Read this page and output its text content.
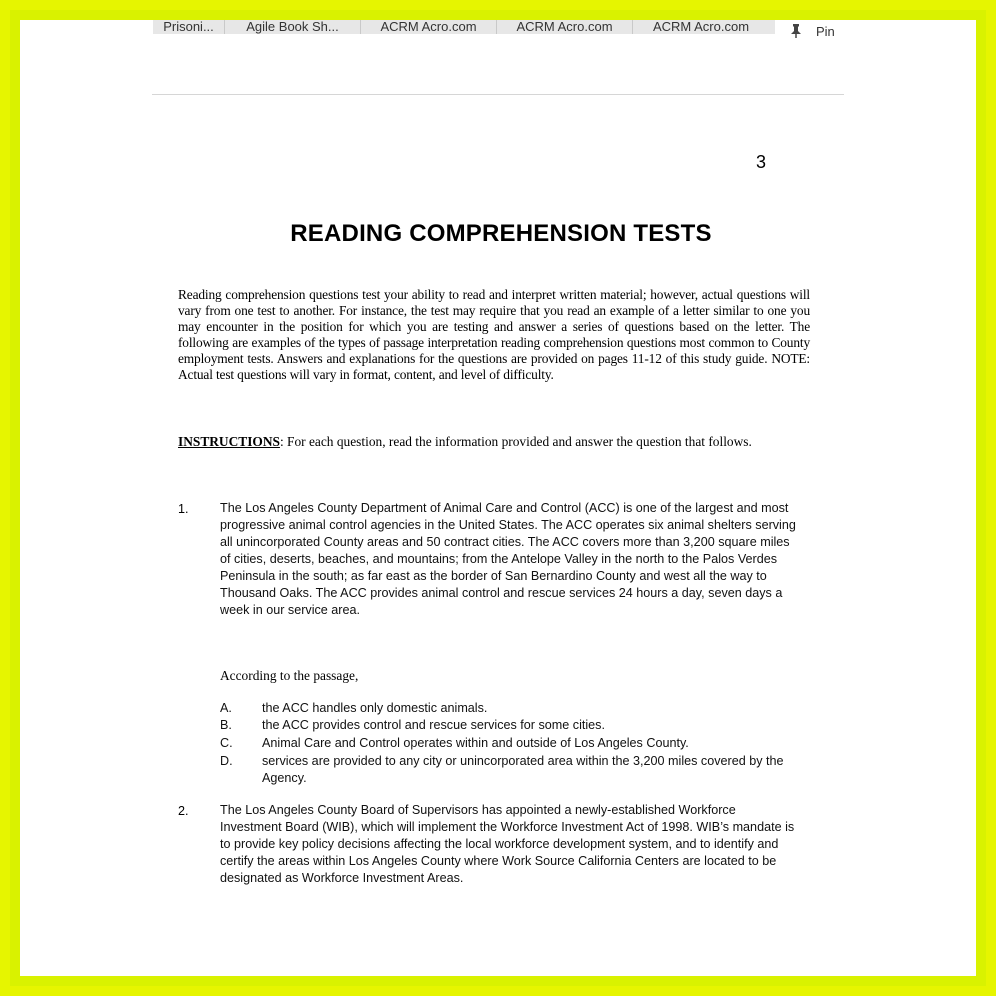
Prisoni...	Agile Book Sh...	ACRM Acro.com	ACRM Acro.com	ACRM Acro.com	Pin
3
READING COMPREHENSION TESTS
Reading comprehension questions test your ability to read and interpret written material; however, actual questions will vary from one test to another. For instance, the test may require that you read an example of a letter similar to one you may encounter in the position for which you are testing and answer a series of questions based on the letter. The following are examples of the types of passage interpretation reading comprehension questions most common to County employment tests. Answers and explanations for the questions are provided on pages 11-12 of this study guide. NOTE: Actual test questions will vary in format, content, and level of difficulty.
INSTRUCTIONS: For each question, read the information provided and answer the question that follows.
1. The Los Angeles County Department of Animal Care and Control (ACC) is one of the largest and most progressive animal control agencies in the United States. The ACC operates six animal shelters serving all unincorporated County areas and 50 contract cities. The ACC covers more than 3,200 square miles of cities, deserts, beaches, and mountains; from the Antelope Valley in the north to the Palos Verdes Peninsula in the south; as far east as the border of San Bernardino County and west all the way to Thousand Oaks. The ACC provides animal control and rescue services 24 hours a day, seven days a week in our service area.
According to the passage,
A.	the ACC handles only domestic animals.
B.	the ACC provides control and rescue services for some cities.
C.	Animal Care and Control operates within and outside of Los Angeles County.
D.	services are provided to any city or unincorporated area within the 3,200 miles covered by the Agency.
2. The Los Angeles County Board of Supervisors has appointed a newly-established Workforce Investment Board (WIB), which will implement the Workforce Investment Act of 1998. WIB’s mandate is to provide key policy decisions affecting the local workforce development system, and to identify and certify the areas within Los Angeles County where Work Source California Centers are located to be designated as Workforce Investment Areas.
